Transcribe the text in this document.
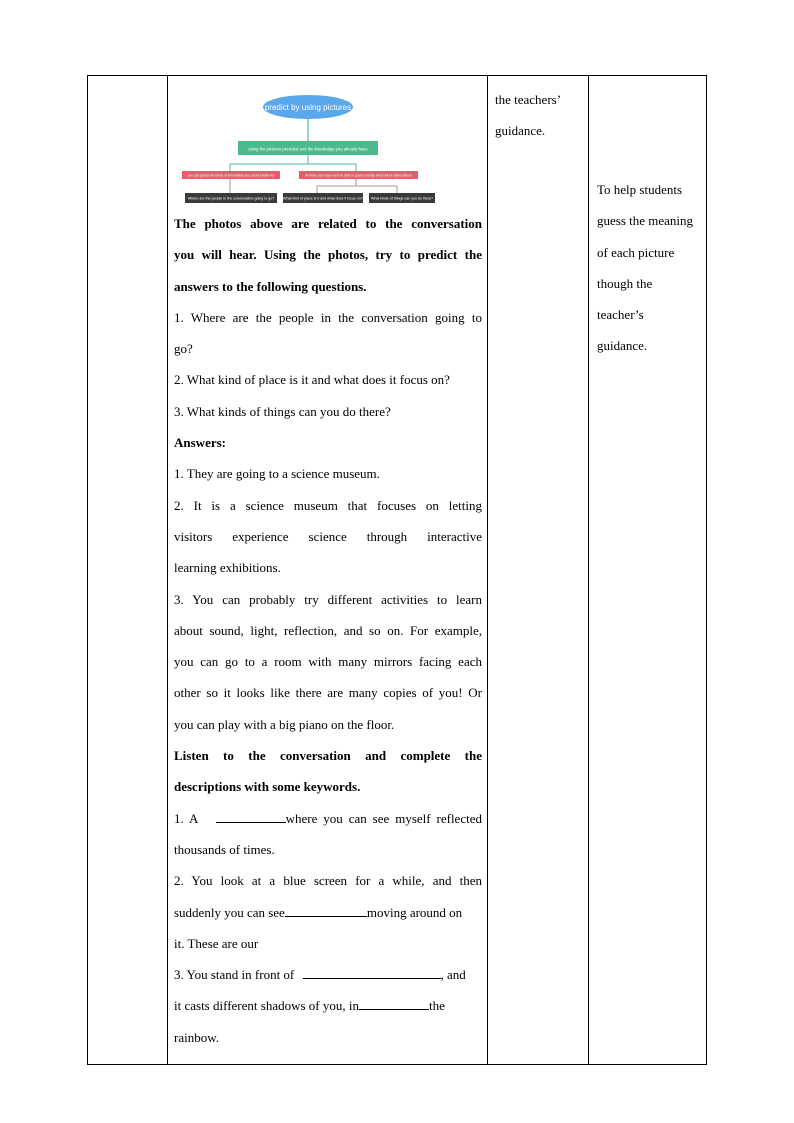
predict by using pictures
using the pictures provided and the knowledge you already have
you can guess the kinds of information you should listen for	At times you may even be able to guess exactly what will be talked about
Where are the people in the conversation going to go? What kind of place is it and what does it focus on? What kinds of things can you do there?
The photos above are related to the conversation
you will hear. Using the photos, try to predict the
answers to the following questions.
1. Where are the people in the conversation going to
go?
2. What kind of place is it and what does it focus on?
3. What kinds of things can you do there?
Answers:
1. They are going to a science museum.
2. It is a science museum that focuses on letting
visitors experience science through interactive
learning exhibitions.
3. You can probably try different activities to learn
about sound, light, reflection, and so on. For example,
you can go to a room with many mirrors facing each
other so it looks like there are many copies of you! Or
you can play with a big piano on the floor.
Listen to the conversation and complete the
descriptions with some keywords.
1. A	where you can see myself reflected
thousands of times.
2. You look at a blue screen for a while, and then
suddenly you can see	moving around on
it. These are our
3. You stand in front of	, and
it casts different shadows of you, in	the
rainbow.
the teachers’
guidance.
To help students
guess the meaning
of each picture
though the
teacher’s
guidance.
